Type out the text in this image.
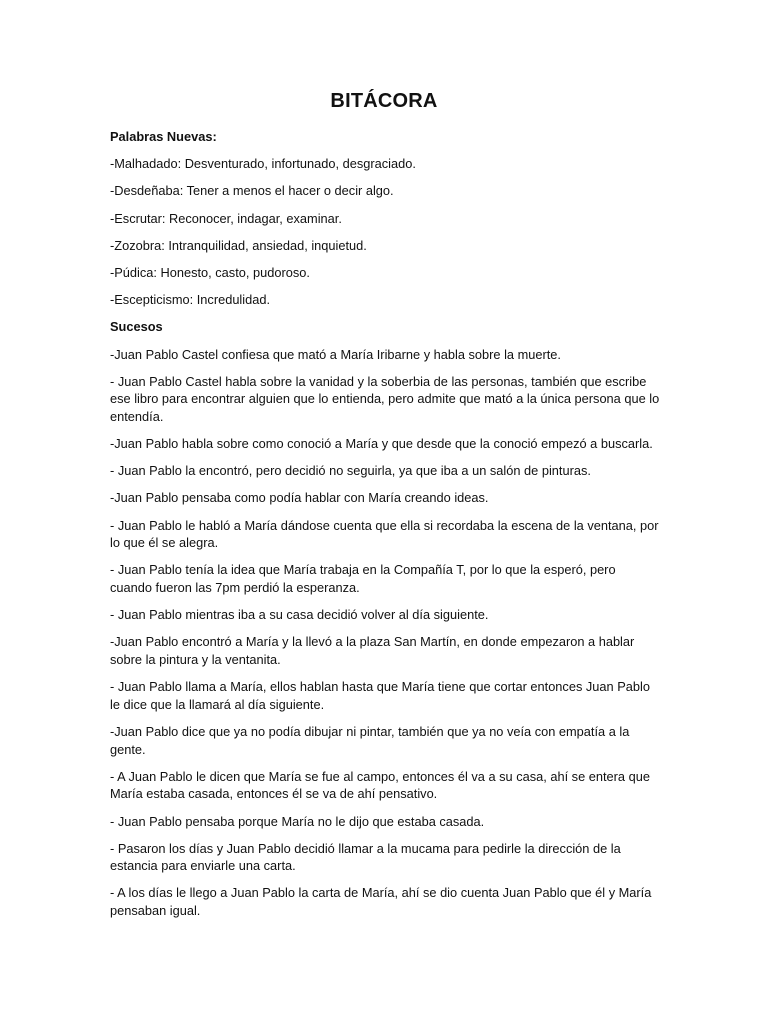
BITÁCORA

Palabras Nuevas:

-Malhadado: Desventurado, infortunado, desgraciado.

-Desdeñaba: Tener a menos el hacer o decir algo.

-Escrutar: Reconocer, indagar, examinar.

-Zozobra: Intranquilidad, ansiedad, inquietud.

-Púdica: Honesto, casto, pudoroso.

-Escepticismo: Incredulidad.

Sucesos

-Juan Pablo Castel confiesa que mató a María Iribarne y habla sobre la muerte.

- Juan Pablo Castel habla sobre la vanidad y la soberbia de las personas, también que escribe ese libro para encontrar alguien que lo entienda, pero admite que mató a la única persona que lo entendía.

-Juan Pablo habla sobre como conoció a María y que desde que la conoció empezó a buscarla.

- Juan Pablo la encontró, pero decidió no seguirla, ya que iba a un salón de pinturas.

-Juan Pablo pensaba como podía hablar con María creando ideas.

- Juan Pablo le habló a María dándose cuenta que ella si recordaba la escena de la ventana, por lo que él se alegra.

- Juan Pablo tenía la idea que María trabaja en la Compañía T, por lo que la esperó, pero cuando fueron las 7pm perdió la esperanza.

- Juan Pablo mientras iba a su casa decidió volver al día siguiente.

-Juan Pablo encontró a María y la llevó a la plaza San Martín, en donde empezaron a hablar sobre la pintura y la ventanita.

- Juan Pablo llama a María, ellos hablan hasta que María tiene que cortar entonces Juan Pablo le dice que la llamará al día siguiente.

-Juan Pablo dice que ya no podía dibujar ni pintar, también que ya no veía con empatía a la gente.

- A Juan Pablo le dicen que María se fue al campo, entonces él va a su casa, ahí se entera que María estaba casada, entonces él se va de ahí pensativo.

- Juan Pablo pensaba porque María no le dijo que estaba casada.

- Pasaron los días y Juan Pablo decidió llamar a la mucama para pedirle la dirección de la estancia para enviarle una carta.

- A los días le llego a Juan Pablo la carta de María, ahí se dio cuenta Juan Pablo que él y María pensaban igual.
